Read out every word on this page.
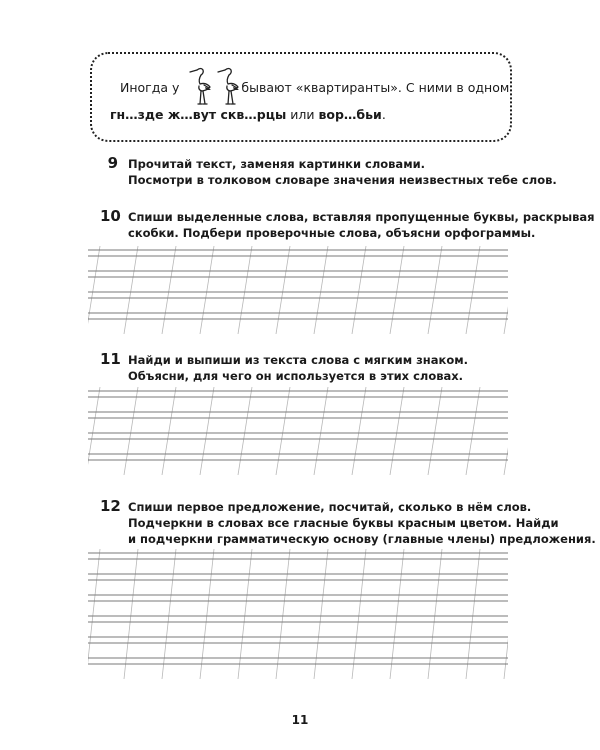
Иногда у	бывают «квартиранты». С ними в одном
гн…зде ж…вут скв…рцы или вор…бьи.
9 Прочитай текст, заменяя картинки словами.
Посмотри в толковом словаре значения неизвестных тебе слов.
10 Спиши выделенные слова, вставляя пропущенные буквы, раскрывая
скобки. Подбери проверочные слова, объясни орфограммы.
11 Найди и выпиши из текста слова с мягким знаком.
Объясни, для чего он используется в этих словах.
12 Спиши первое предложение, посчитай, сколько в нём слов.
Подчеркни в словах все гласные буквы красным цветом. Найди
и подчеркни грамматическую основу (главные члены) предложения.
11
